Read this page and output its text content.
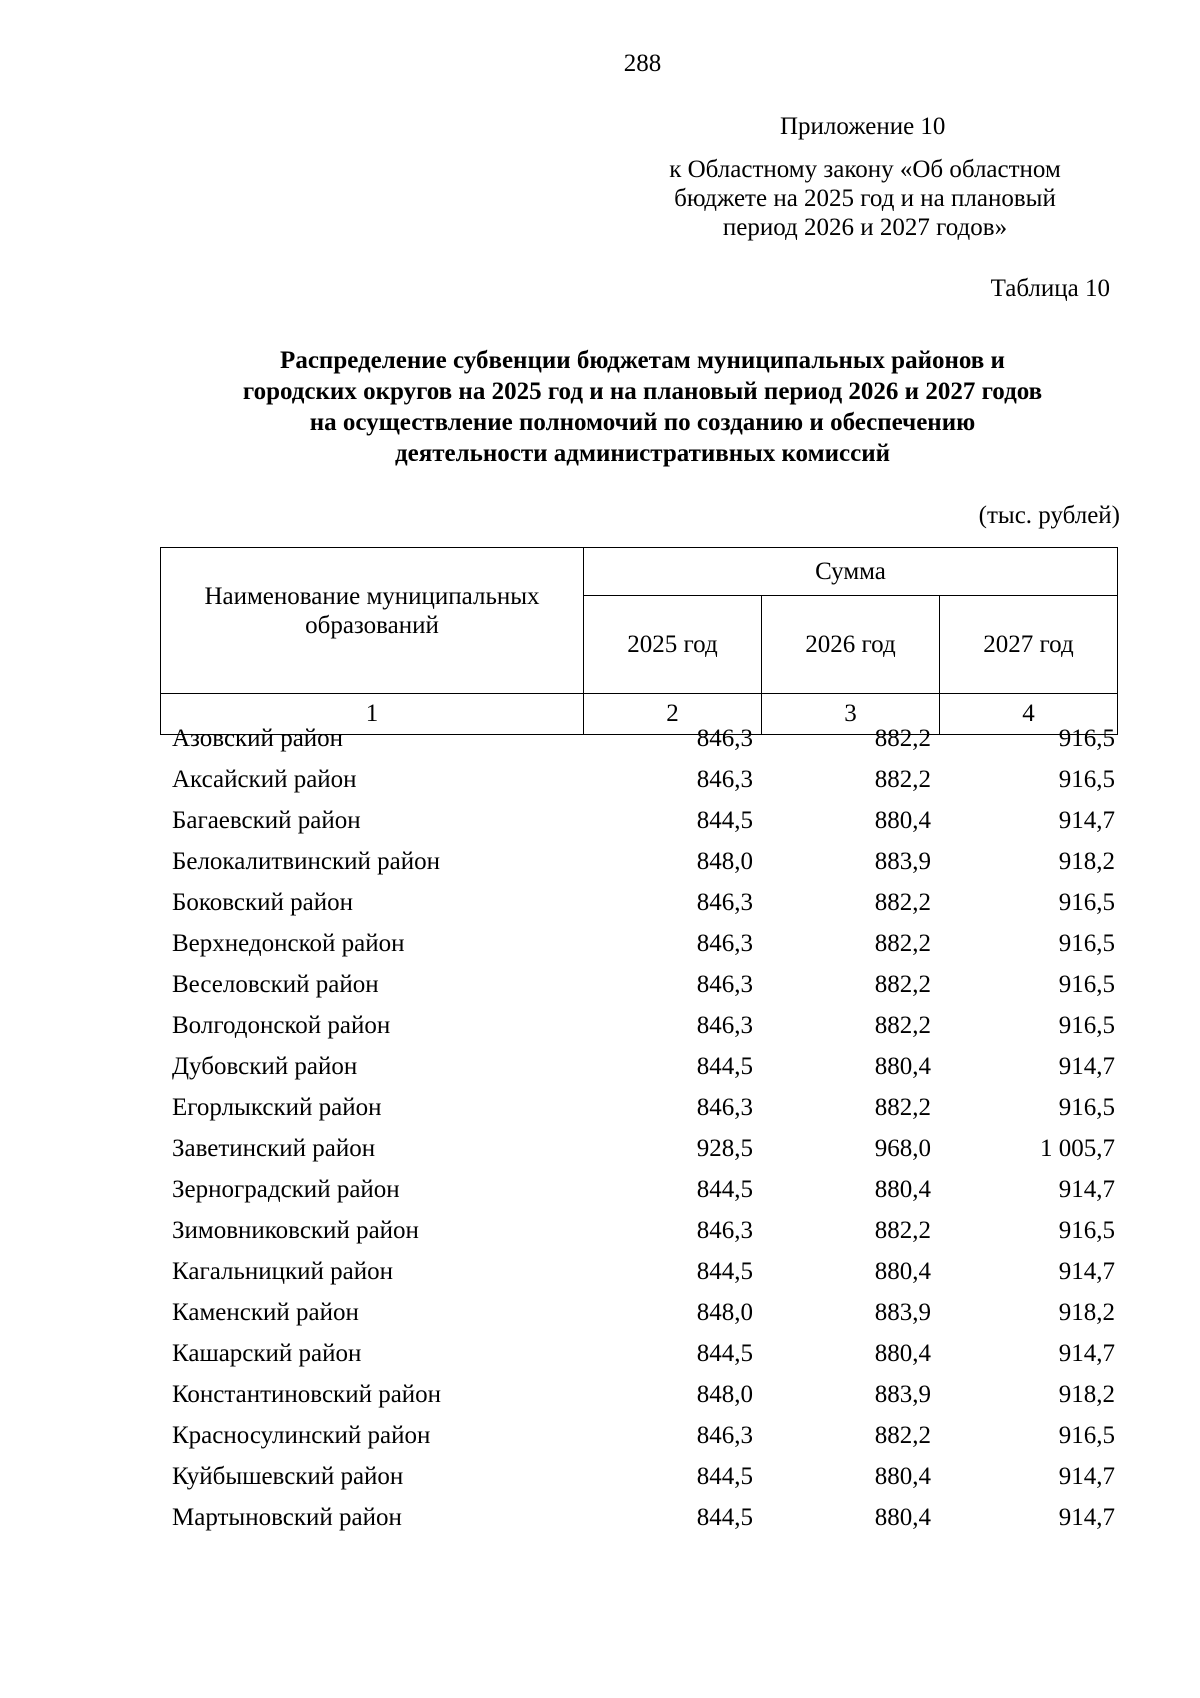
288
Приложение 10
к Областному закону «Об областном
бюджете на 2025 год и на плановый
период 2026 и 2027 годов»
Таблица 10
Распределение субвенции бюджетам муниципальных районов и
городских округов на 2025 год и на плановый период 2026 и 2027 годов
на осуществление полномочий по созданию и обеспечению
деятельности административных комиссий
(тыс. рублей)
Наименование муниципальных
образований	Сумма		
	2025 год	2026 год	2027 год
1	2	3	4
Азовский район	846,3	882,2	916,5
Аксайский район	846,3	882,2	916,5
Багаевский район	844,5	880,4	914,7
Белокалитвинский район	848,0	883,9	918,2
Боковский район	846,3	882,2	916,5
Верхнедонской район	846,3	882,2	916,5
Веселовский район	846,3	882,2	916,5
Волгодонской район	846,3	882,2	916,5
Дубовский район	844,5	880,4	914,7
Егорлыкский район	846,3	882,2	916,5
Заветинский район	928,5	968,0	1 005,7
Зерноградский район	844,5	880,4	914,7
Зимовниковский район	846,3	882,2	916,5
Кагальницкий район	844,5	880,4	914,7
Каменский район	848,0	883,9	918,2
Кашарский район	844,5	880,4	914,7
Константиновский район	848,0	883,9	918,2
Красносулинский район	846,3	882,2	916,5
Куйбышевский район	844,5	880,4	914,7
Мартыновский район	844,5	880,4	914,7
